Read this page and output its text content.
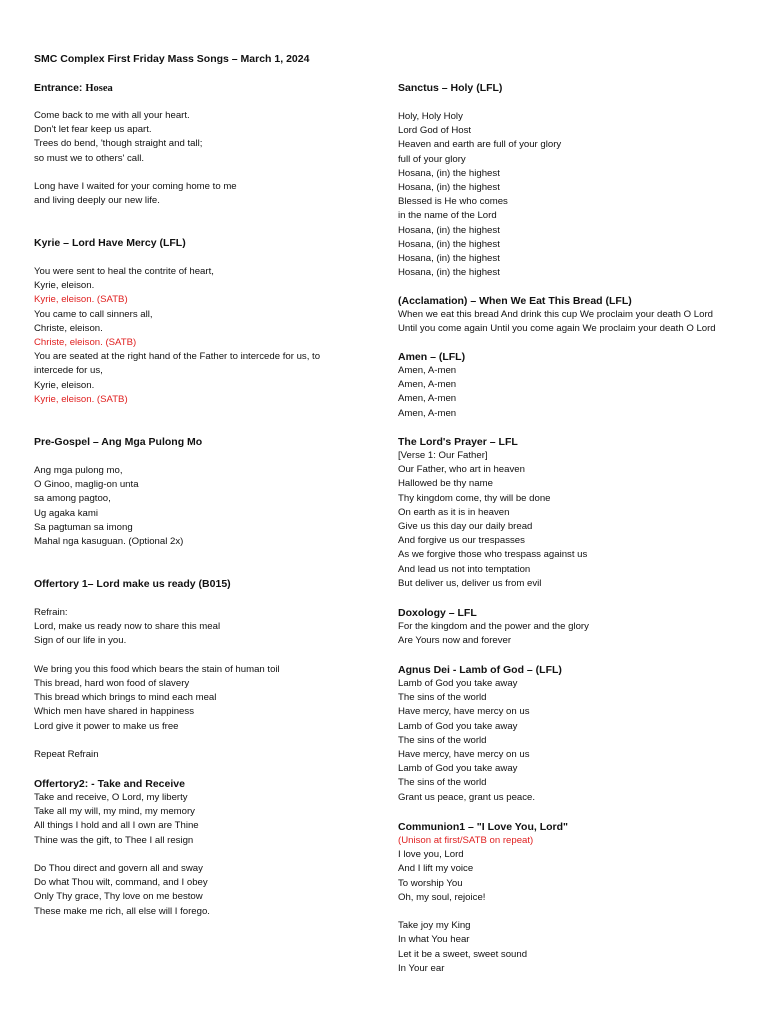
SMC Complex First Friday Mass Songs – March 1, 2024
Entrance: Hosea
Come back to me with all your heart.
Don't let fear keep us apart.
Trees do bend, 'though straight and tall;
so must we to others' call.
Long have I waited for your coming home to me
and living deeply our new life.
Kyrie – Lord Have Mercy (LFL)
You were sent to heal the contrite of heart,
Kyrie, eleison.
Kyrie, eleison. (SATB)
You came to call sinners all,
Christe, eleison.
Christe, eleison. (SATB)
You are seated at the right hand of the Father to intercede for us, to
intercede for us,
Kyrie, eleison.
Kyrie, eleison. (SATB)
Pre-Gospel – Ang Mga Pulong Mo
Ang mga pulong mo,
O Ginoo, maglig-on unta
sa among pagtoo,
Ug agaka kami
Sa pagtuman sa imong
Mahal nga kasuguan. (Optional 2x)
Offertory 1– Lord make us ready (B015)
Refrain:
Lord, make us ready now to share this meal
Sign of our life in you.
We bring you this food which bears the stain of human toil
This bread, hard won food of slavery
This bread which brings to mind each meal
Which men have shared in happiness
Lord give it power to make us free
Repeat Refrain
Offertory2: - Take and Receive
Take and receive, O Lord, my liberty
Take all my will, my mind, my memory
All things I hold and all I own are Thine
Thine was the gift, to Thee I all resign
Do Thou direct and govern all and sway
Do what Thou wilt, command, and I obey
Only Thy grace, Thy love on me bestow
These make me rich, all else will I forego.
Sanctus – Holy (LFL)
Holy, Holy Holy
Lord God of Host
Heaven and earth are full of your glory
full of your glory
Hosana, (in) the highest
Hosana, (in) the highest
Blessed is He who comes
in the name of the Lord
Hosana, (in) the highest
Hosana, (in) the highest
Hosana, (in) the highest
Hosana, (in) the highest
(Acclamation) – When We Eat This Bread (LFL)
When we eat this bread And drink this cup We proclaim your death O Lord
Until you come again Until you come again We proclaim your death O Lord
Amen – (LFL)
Amen, A-men
Amen, A-men
Amen, A-men
Amen, A-men
The Lord's Prayer – LFL
[Verse 1: Our Father]
Our Father, who art in heaven
Hallowed be thy name
Thy kingdom come, thy will be done
On earth as it is in heaven
Give us this day our daily bread
And forgive us our trespasses
As we forgive those who trespass against us
And lead us not into temptation
But deliver us, deliver us from evil
Doxology – LFL
For the kingdom and the power and the glory
Are Yours now and forever
Agnus Dei - Lamb of God – (LFL)
Lamb of God you take away
The sins of the world
Have mercy, have mercy on us
Lamb of God you take away
The sins of the world
Have mercy, have mercy on us
Lamb of God you take away
The sins of the world
Grant us peace, grant us peace.
Communion1 – "I Love You, Lord"
(Unison at first/SATB on repeat)
I love you, Lord
And I lift my voice
To worship You
Oh, my soul, rejoice!
Take joy my King
In what You hear
Let it be a sweet, sweet sound
In Your ear
